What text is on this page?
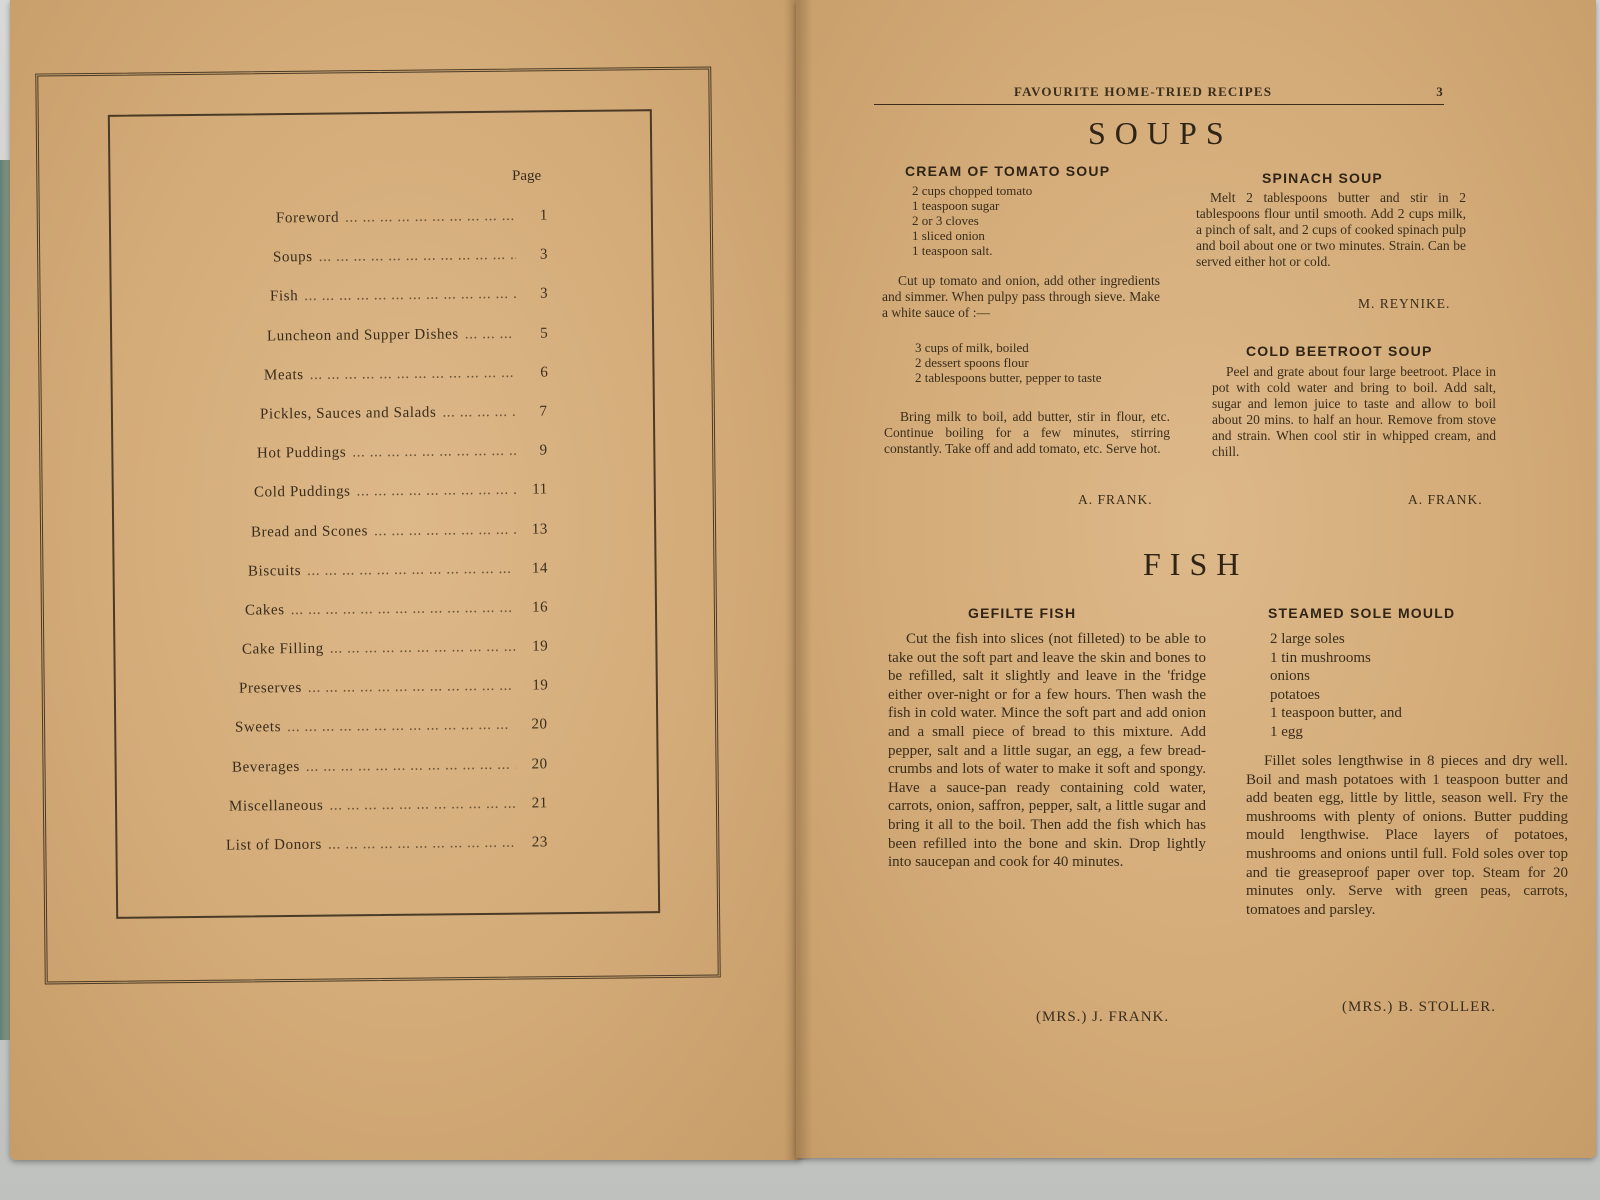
Page
Foreword ... .	1
Soups ... .	3
Fish ... .	3
Luncheon and Supper Dishes ... .	5
Meats ... .	6
Pickles, Sauces and Salads ... .	7
Hot Puddings ... .	9
Cold Puddings ... .	11
Bread and Scones ... .	13
Biscuits ... .	14
Cakes ... .	16
Cake Filling ... .	19
Preserves ... .	19
Sweets ... .	20
Beverages ... .	20
Miscellaneous ... .	21
List of Donors ... .	23
FAVOURITE HOME-TRIED RECIPES	3
SOUPS
CREAM OF TOMATO SOUP
2 cups chopped tomato
1 teaspoon sugar
2 or 3 cloves
1 sliced onion
1 teaspoon salt.

Cut up tomato and onion, add other ingredients and simmer. When pulpy pass through sieve. Make a white sauce of :—

3 cups of milk, boiled
2 dessert spoons flour
2 tablespoons butter, pepper to taste

Bring milk to boil, add butter, stir in flour, etc. Continue boiling for a few minutes, stirring constantly. Take off and add tomato, etc. Serve hot.

A. FRANK.
SPINACH SOUP

Melt 2 tablespoons butter and stir in 2 tablespoons flour until smooth. Add 2 cups milk, a pinch of salt, and 2 cups of cooked spinach pulp and boil about one or two minutes. Strain. Can be served either hot or cold.

M. REYNIKE.
COLD BEETROOT SOUP

Peel and grate about four large beetroot. Place in pot with cold water and bring to boil. Add salt, sugar and lemon juice to taste and allow to boil about 20 mins. to half an hour. Remove from stove and strain. When cool stir in whipped cream, and chill.

A. FRANK.
FISH
GEFILTE FISH

Cut the fish into slices (not filleted) to be able to take out the soft part and leave the skin and bones to be refilled, salt it slightly and leave in the 'fridge either over-night or for a few hours. Then wash the fish in cold water. Mince the soft part and add onion and a small piece of bread to this mixture. Add pepper, salt and a little sugar, an egg, a few bread-crumbs and lots of water to make it soft and spongy. Have a sauce-pan ready containing cold water, carrots, onion, saffron, pepper, salt, a little sugar and bring it all to the boil. Then add the fish which has been refilled into the bone and skin. Drop lightly into saucepan and cook for 40 minutes.

(MRS.) J. FRANK.
STEAMED SOLE MOULD
2 large soles
1 tin mushrooms
onions
potatoes
1 teaspoon butter, and
1 egg

Fillet soles lengthwise in 8 pieces and dry well. Boil and mash potatoes with 1 teaspoon butter and add beaten egg, little by little, season well. Fry the mushrooms with plenty of onions. Butter pudding mould lengthwise. Place layers of potatoes, mushrooms and onions until full. Fold soles over top and tie greaseproof paper over top. Steam for 20 minutes only. Serve with green peas, carrots, tomatoes and parsley.

(MRS.) B. STOLLER.
